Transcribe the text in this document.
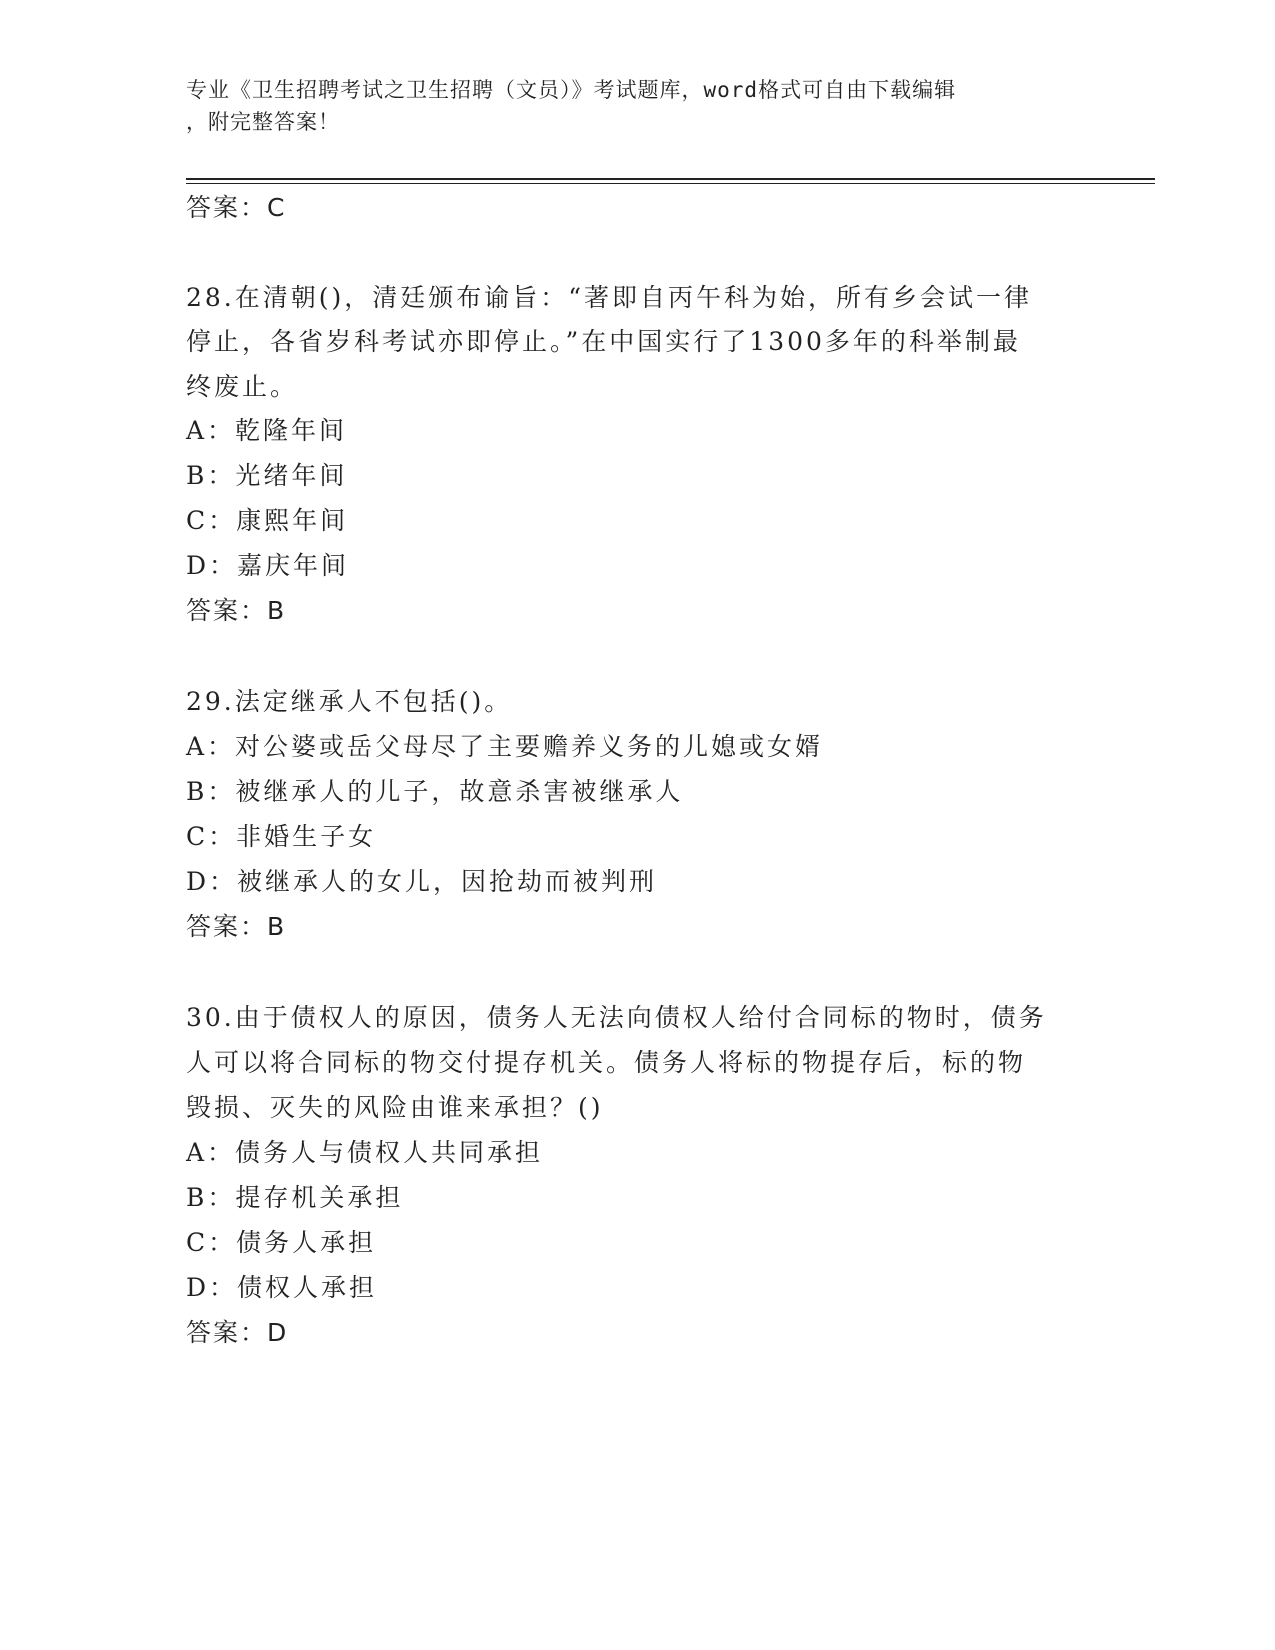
专业《卫生招聘考试之卫生招聘（文员）》考试题库，word格式可自由下载编辑
，附完整答案！
答案：C
28.在清朝()，清廷颁布谕旨：“著即自丙午科为始，所有乡会试一律
停止，各省岁科考试亦即停止。”在中国实行了1300多年的科举制最
终废止。
A：乾隆年间
B：光绪年间
C：康熙年间
D：嘉庆年间
答案：B
29.法定继承人不包括()。
A：对公婆或岳父母尽了主要赡养义务的儿媳或女婿
B：被继承人的儿子，故意杀害被继承人
C：非婚生子女
D：被继承人的女儿，因抢劫而被判刑
答案：B
30.由于债权人的原因，债务人无法向债权人给付合同标的物时，债务
人可以将合同标的物交付提存机关。债务人将标的物提存后，标的物
毁损、灭失的风险由谁来承担？()
A：债务人与债权人共同承担
B：提存机关承担
C：债务人承担
D：债权人承担
答案：D
